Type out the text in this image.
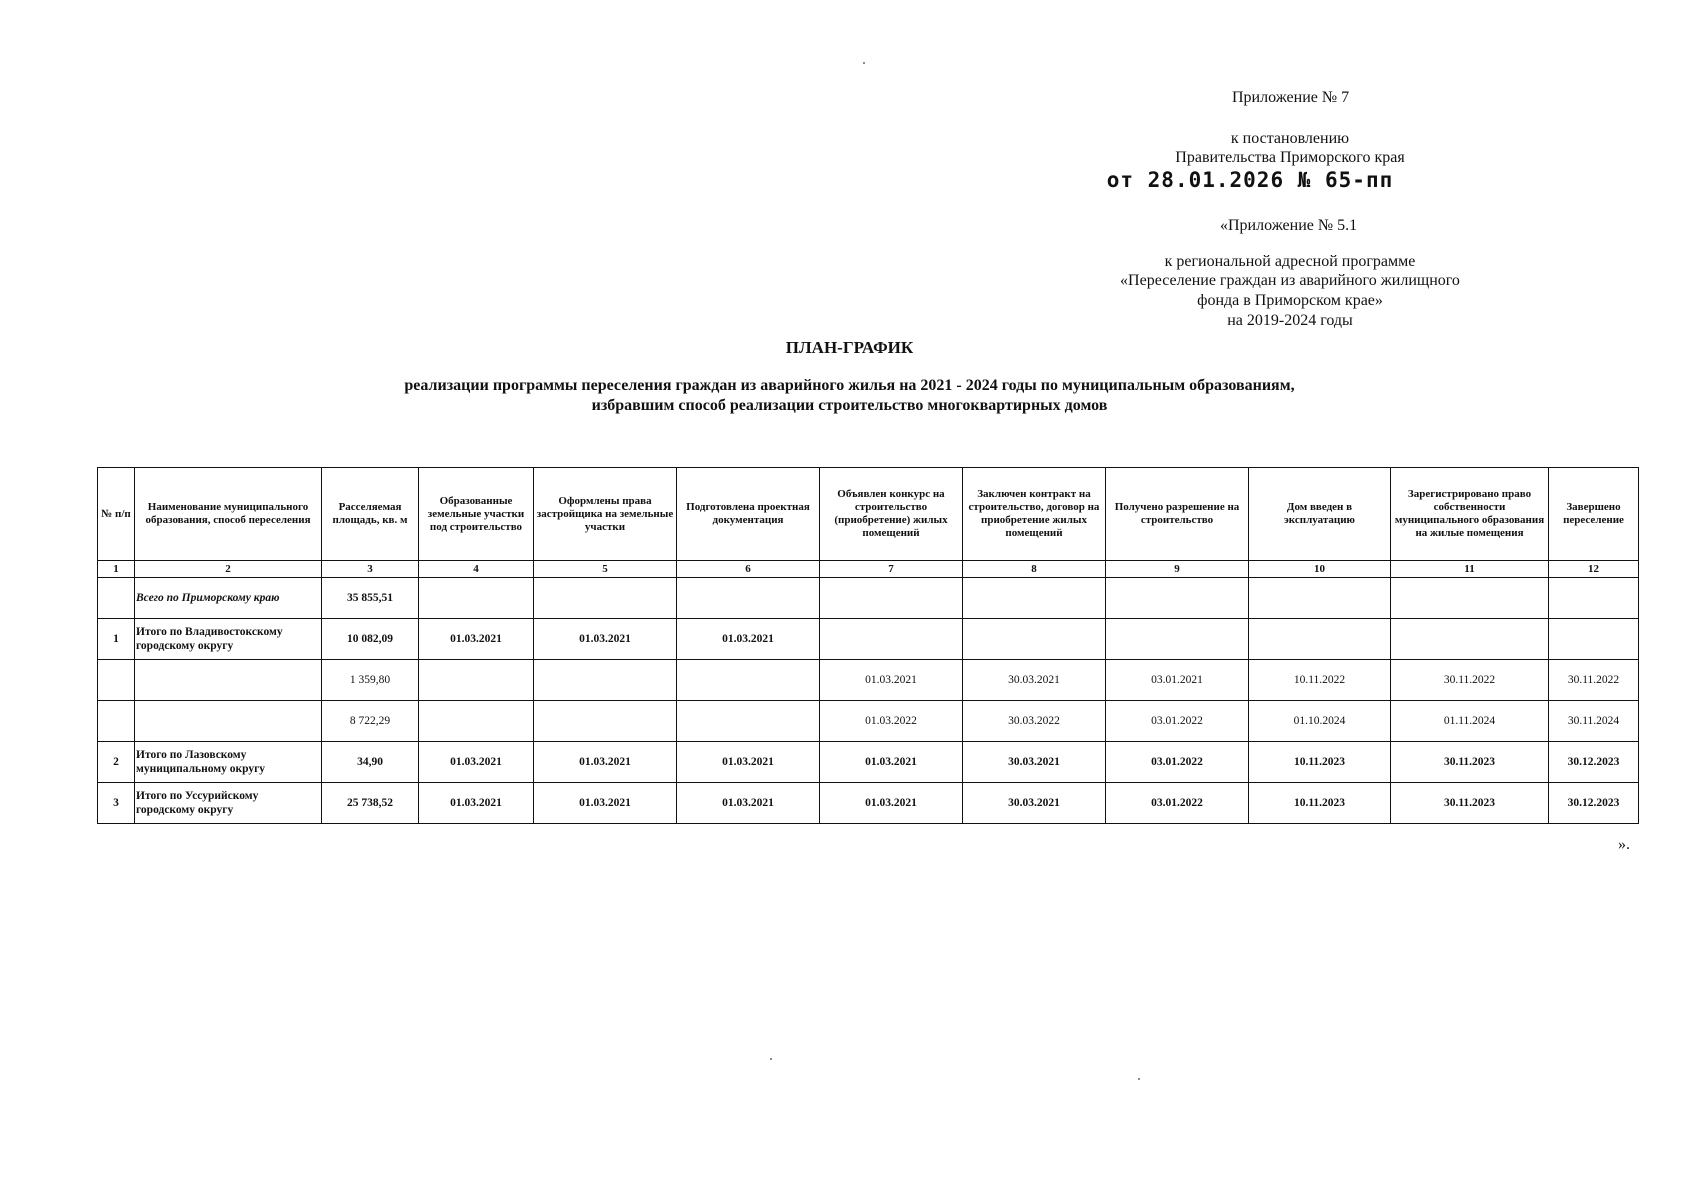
Приложение № 7
к постановлению
Правительства Приморского края
от 28.01.2026 № 65-пп
«Приложение № 5.1
к региональной адресной программе
«Переселение граждан из аварийного жилищного
фонда в Приморском крае»
на 2019-2024 годы
ПЛАН-ГРАФИК
реализации программы переселения граждан из аварийного жилья на 2021 - 2024 годы по муниципальным образованиям,
избравшим способ реализации строительство многоквартирных домов
№ п/п	Наименование муниципального образования, способ переселения	Расселяемая площадь, кв. м	Образованные земельные участки под строительство	Оформлены права застройщика на земельные участки	Подготовлена проектная документация	Объявлен конкурс на строительство (приобретение) жилых помещений	Заключен контракт на строительство, договор на приобретение жилых помещений	Получено разрешение на строительство	Дом введен в эксплуатацию	Зарегистрировано право собственности муниципального образования на жилые помещения	Завершено переселение
1	2	3	4	5	6	7	8	9	10	11	12
	Всего по Приморскому краю	35 855,51									
1	Итого по Владивостокскому городскому округу	10 082,09	01.03.2021	01.03.2021	01.03.2021						
		1 359,80				01.03.2021	30.03.2021	03.01.2021	10.11.2022	30.11.2022	30.11.2022
		8 722,29				01.03.2022	30.03.2022	03.01.2022	01.10.2024	01.11.2024	30.11.2024
2	Итого по Лазовскому муниципальному округу	34,90	01.03.2021	01.03.2021	01.03.2021	01.03.2021	30.03.2021	03.01.2022	10.11.2023	30.11.2023	30.12.2023
3	Итого по Уссурийскому городскому округу	25 738,52	01.03.2021	01.03.2021	01.03.2021	01.03.2021	30.03.2021	03.01.2022	10.11.2023	30.11.2023	30.12.2023
».
